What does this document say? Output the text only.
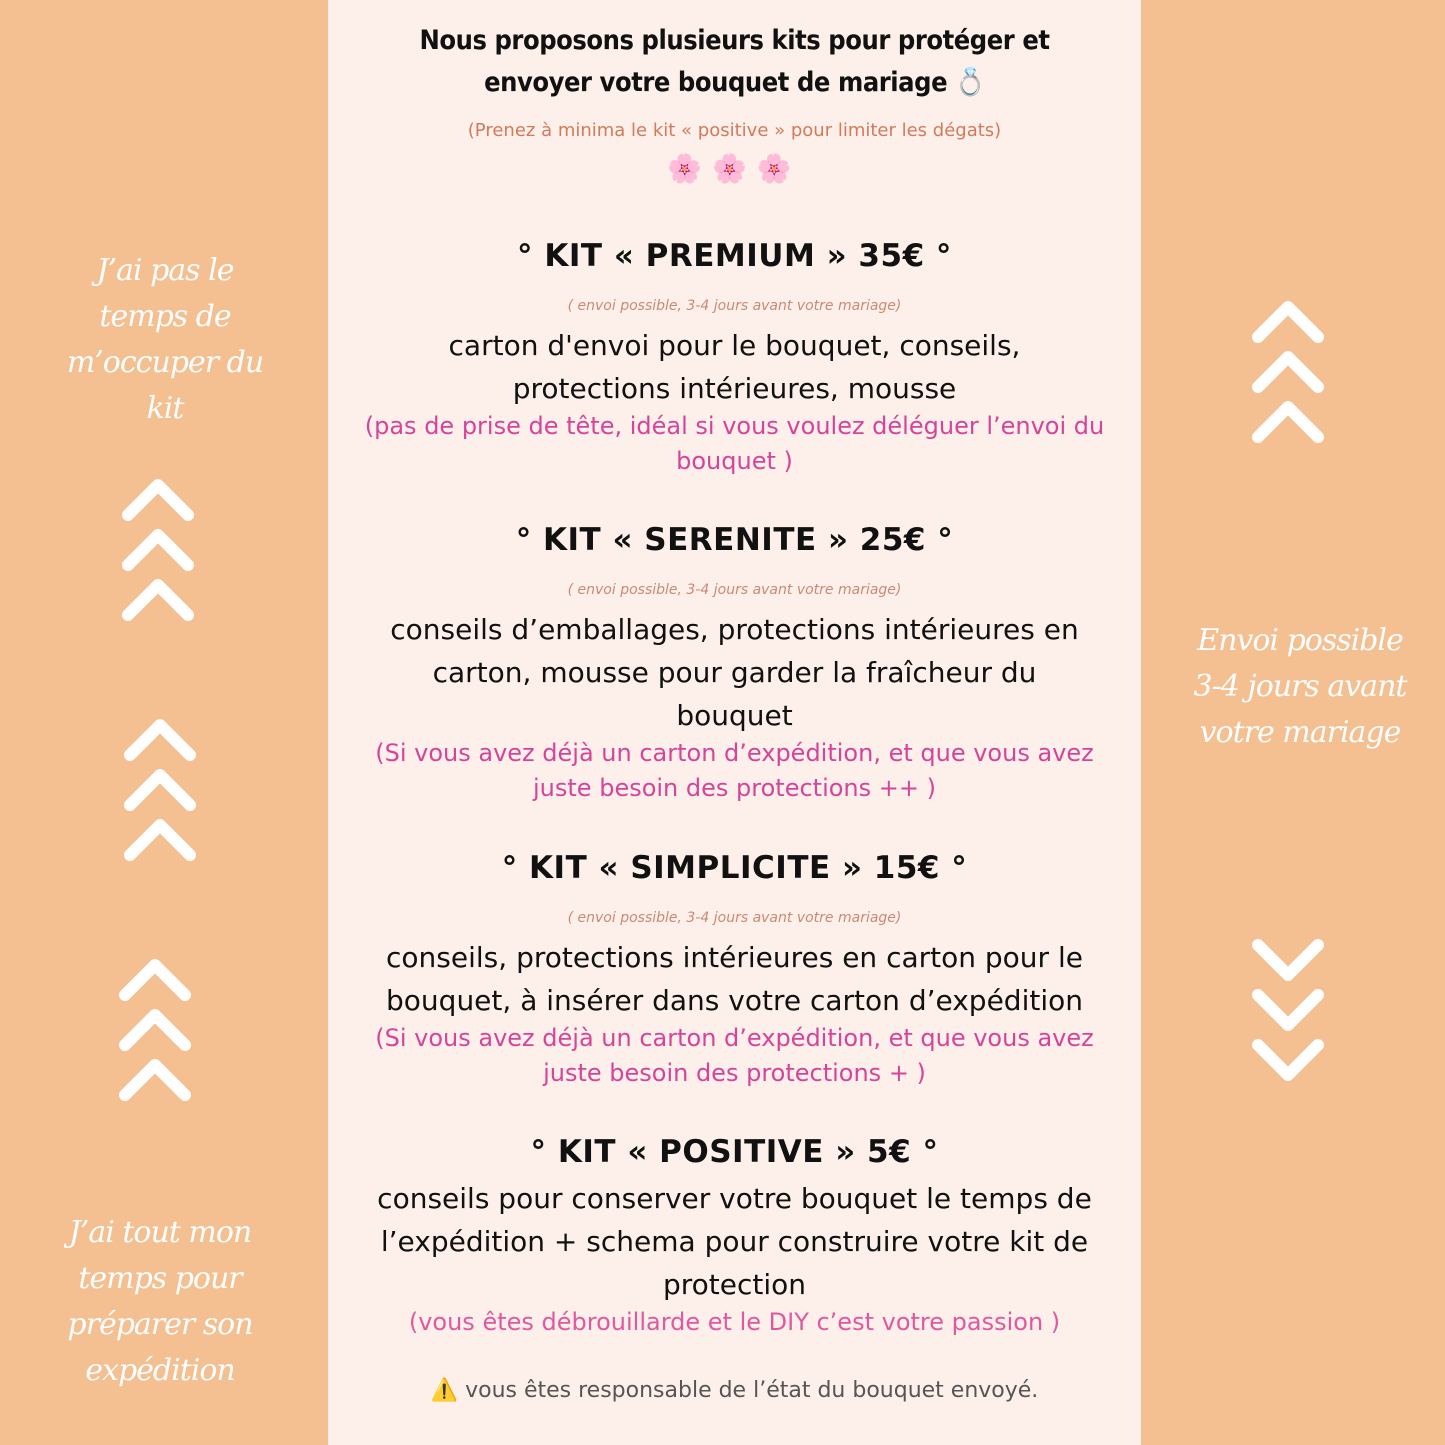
J’ai pas le
temps de
m’occuper du
kit
J’ai tout mon
temps pour
préparer son
expédition
Envoi possible
3-4 jours avant
votre mariage
Nous proposons plusieurs kits pour protéger et
envoyer votre bouquet de mariage 💍
(Prenez à minima le kit « positive » pour limiter les dégats)
🌸🌸🌸
° KIT « PREMIUM » 35€ °
( envoi possible, 3-4 jours avant votre mariage)
carton d'envoi pour le bouquet, conseils,
protections intérieures, mousse
(pas de prise de tête, idéal si vous voulez déléguer l’envoi du
bouquet )
° KIT « SERENITE » 25€ °
( envoi possible, 3-4 jours avant votre mariage)
conseils d’emballages, protections intérieures en
carton, mousse pour garder la fraîcheur du
bouquet
(Si vous avez déjà un carton d’expédition, et que vous avez
juste besoin des protections ++ )
° KIT « SIMPLICITE » 15€ °
( envoi possible, 3-4 jours avant votre mariage)
conseils, protections intérieures en carton pour le
bouquet, à insérer dans votre carton d’expédition
(Si vous avez déjà un carton d’expédition, et que vous avez
juste besoin des protections + )
° KIT « POSITIVE » 5€ °
conseils pour conserver votre bouquet le temps de
l’expédition + schema pour construire votre kit de
protection
(vous êtes débrouillarde et le DIY c’est votre passion )
⚠️ vous êtes responsable de l’état du bouquet envoyé.
